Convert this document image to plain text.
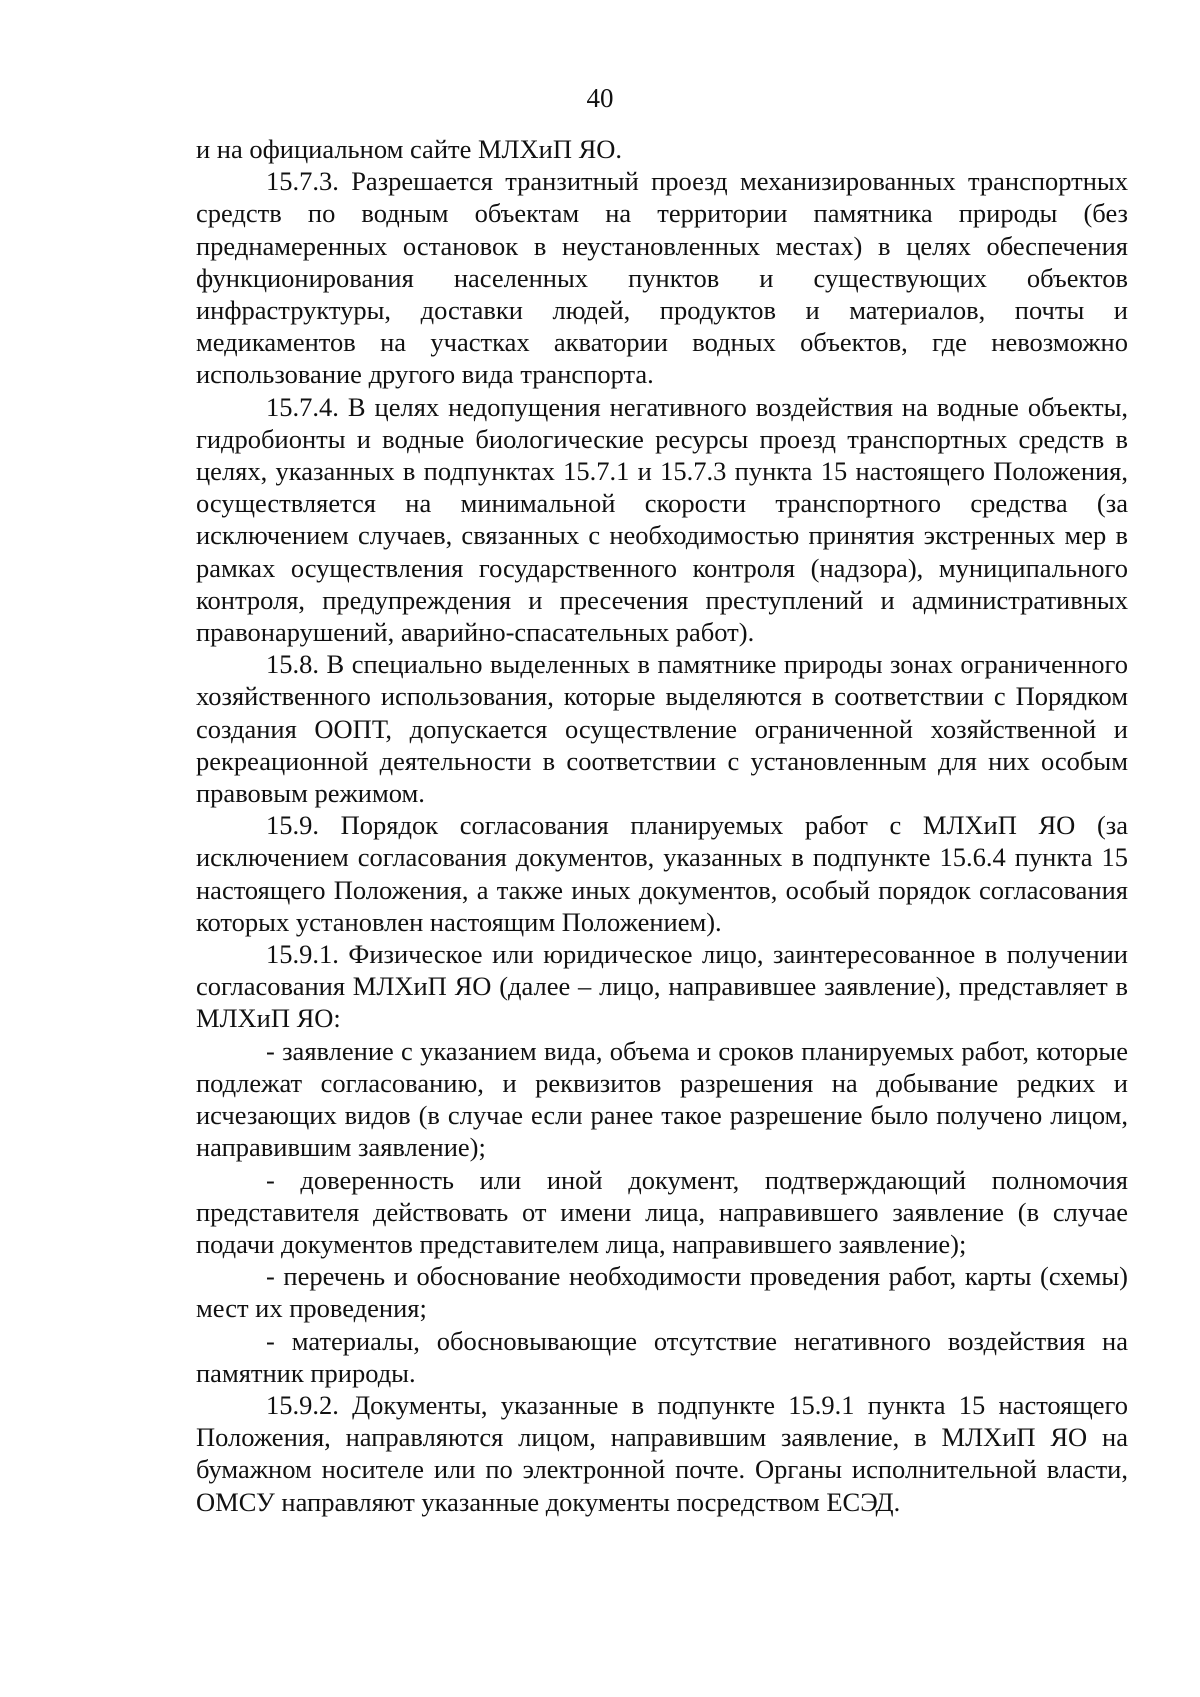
40

и на официальном сайте МЛХиП ЯО.

15.7.3. Разрешается транзитный проезд механизированных транспортных средств по водным объектам на территории памятника природы (без преднамеренных остановок в неустановленных местах) в целях обеспечения функционирования населенных пунктов и существующих объектов инфраструктуры, доставки людей, продуктов и материалов, почты и медикаментов на участках акватории водных объектов, где невозможно использование другого вида транспорта.

15.7.4. В целях недопущения негативного воздействия на водные объекты, гидробионты и водные биологические ресурсы проезд транспортных средств в целях, указанных в подпунктах 15.7.1 и 15.7.3 пункта 15 настоящего Положения, осуществляется на минимальной скорости транспортного средства (за исключением случаев, связанных с необходимостью принятия экстренных мер в рамках осуществления государственного контроля (надзора), муниципального контроля, предупреждения и пресечения преступлений и административных правонарушений, аварийно-спасательных работ).

15.8. В специально выделенных в памятнике природы зонах ограниченного хозяйственного использования, которые выделяются в соответствии с Порядком создания ООПТ, допускается осуществление ограниченной хозяйственной и рекреационной деятельности в соответствии с установленным для них особым правовым режимом.

15.9. Порядок согласования планируемых работ с МЛХиП ЯО (за исключением согласования документов, указанных в подпункте 15.6.4 пункта 15 настоящего Положения, а также иных документов, особый порядок согласования которых установлен настоящим Положением).

15.9.1. Физическое или юридическое лицо, заинтересованное в получении согласования МЛХиП ЯО (далее – лицо, направившее заявление), представляет в МЛХиП ЯО:

- заявление с указанием вида, объема и сроков планируемых работ, которые подлежат согласованию, и реквизитов разрешения на добывание редких и исчезающих видов (в случае если ранее такое разрешение было получено лицом, направившим заявление);

- доверенность или иной документ, подтверждающий полномочия представителя действовать от имени лица, направившего заявление (в случае подачи документов представителем лица, направившего заявление);

- перечень и обоснование необходимости проведения работ, карты (схемы) мест их проведения;

- материалы, обосновывающие отсутствие негативного воздействия на памятник природы.

15.9.2. Документы, указанные в подпункте 15.9.1 пункта 15 настоящего Положения, направляются лицом, направившим заявление, в МЛХиП ЯО на бумажном носителе или по электронной почте. Органы исполнительной власти, ОМСУ направляют указанные документы посредством ЕСЭД.
